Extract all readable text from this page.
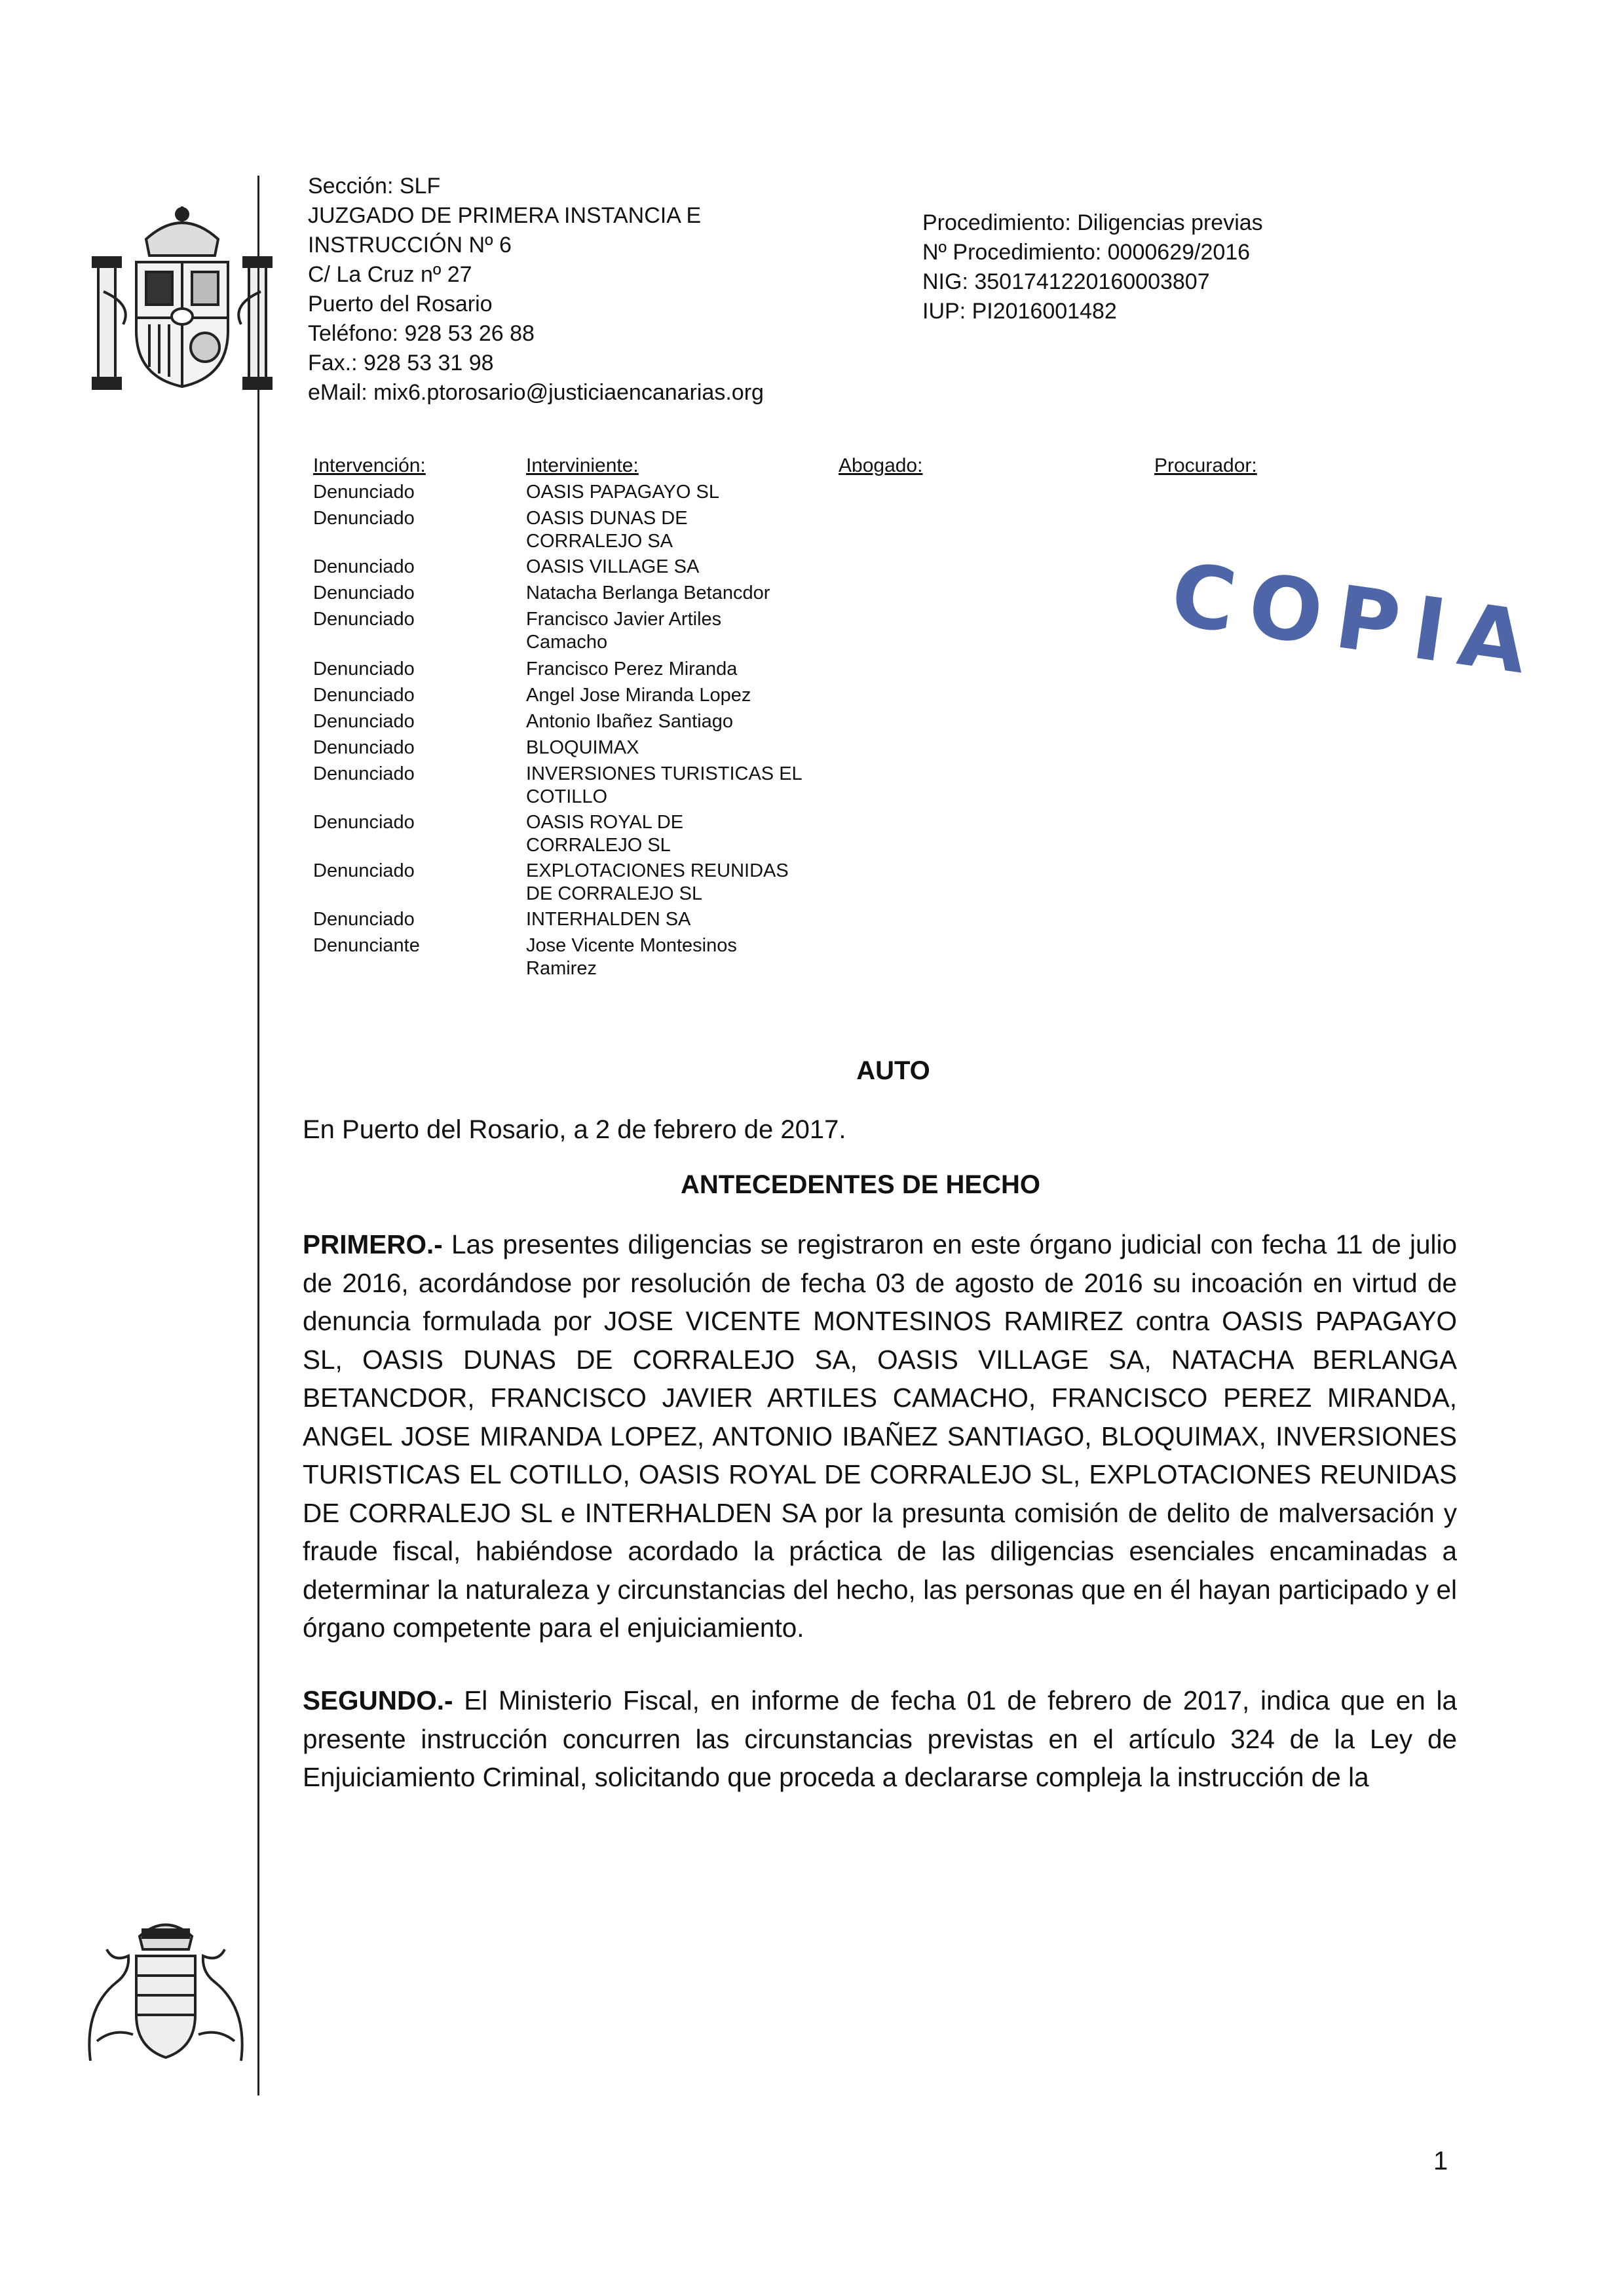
Sección: SLF
JUZGADO DE PRIMERA INSTANCIA E
INSTRUCCIÓN Nº 6
C/ La Cruz nº 27
Puerto del Rosario
Teléfono: 928 53 26 88
Fax.: 928 53 31 98
eMail: mix6.ptorosario@justiciaencanarias.org
Procedimiento: Diligencias previas
Nº Procedimiento: 0000629/2016
NIG: 3501741220160003807
IUP: PI2016001482
Intervención:	Interviniente:	Abogado:	Procurador:
Denunciado	OASIS PAPAGAYO SL
Denunciado	OASIS DUNAS DE CORRALEJO SA
Denunciado	OASIS VILLAGE SA
Denunciado	Natacha Berlanga Betancdor
Denunciado	Francisco Javier Artiles Camacho
Denunciado	Francisco Perez Miranda
Denunciado	Angel Jose Miranda Lopez
Denunciado	Antonio Ibañez Santiago
Denunciado	BLOQUIMAX
Denunciado	INVERSIONES TURISTICAS EL COTILLO
Denunciado	OASIS ROYAL DE CORRALEJO SL
Denunciado	EXPLOTACIONES REUNIDAS DE CORRALEJO SL
Denunciado	INTERHALDEN SA
Denunciante	Jose Vicente Montesinos Ramirez
COPIA
AUTO
En Puerto del Rosario, a 2 de febrero de 2017.
ANTECEDENTES DE HECHO
PRIMERO.- Las presentes diligencias se registraron en este órgano judicial con fecha 11 de julio de 2016, acordándose por resolución de fecha 03 de agosto de 2016 su incoación en virtud de denuncia formulada por JOSE VICENTE MONTESINOS RAMIREZ contra OASIS PAPAGAYO SL, OASIS DUNAS DE CORRALEJO SA, OASIS VILLAGE SA, NATACHA BERLANGA BETANCDOR, FRANCISCO JAVIER ARTILES CAMACHO, FRANCISCO PEREZ MIRANDA, ANGEL JOSE MIRANDA LOPEZ, ANTONIO IBAÑEZ SANTIAGO, BLOQUIMAX, INVERSIONES TURISTICAS EL COTILLO, OASIS ROYAL DE CORRALEJO SL, EXPLOTACIONES REUNIDAS DE CORRALEJO SL e INTERHALDEN SA por la presunta comisión de delito de malversación y fraude fiscal, habiéndose acordado la práctica de las diligencias esenciales encaminadas a determinar la naturaleza y circunstancias del hecho, las personas que en él hayan participado y el órgano competente para el enjuiciamiento.
SEGUNDO.- El Ministerio Fiscal, en informe de fecha 01 de febrero de 2017, indica que en la presente instrucción concurren las circunstancias previstas en el artículo 324 de la Ley de Enjuiciamiento Criminal, solicitando que proceda a declararse compleja la instrucción de la
1
